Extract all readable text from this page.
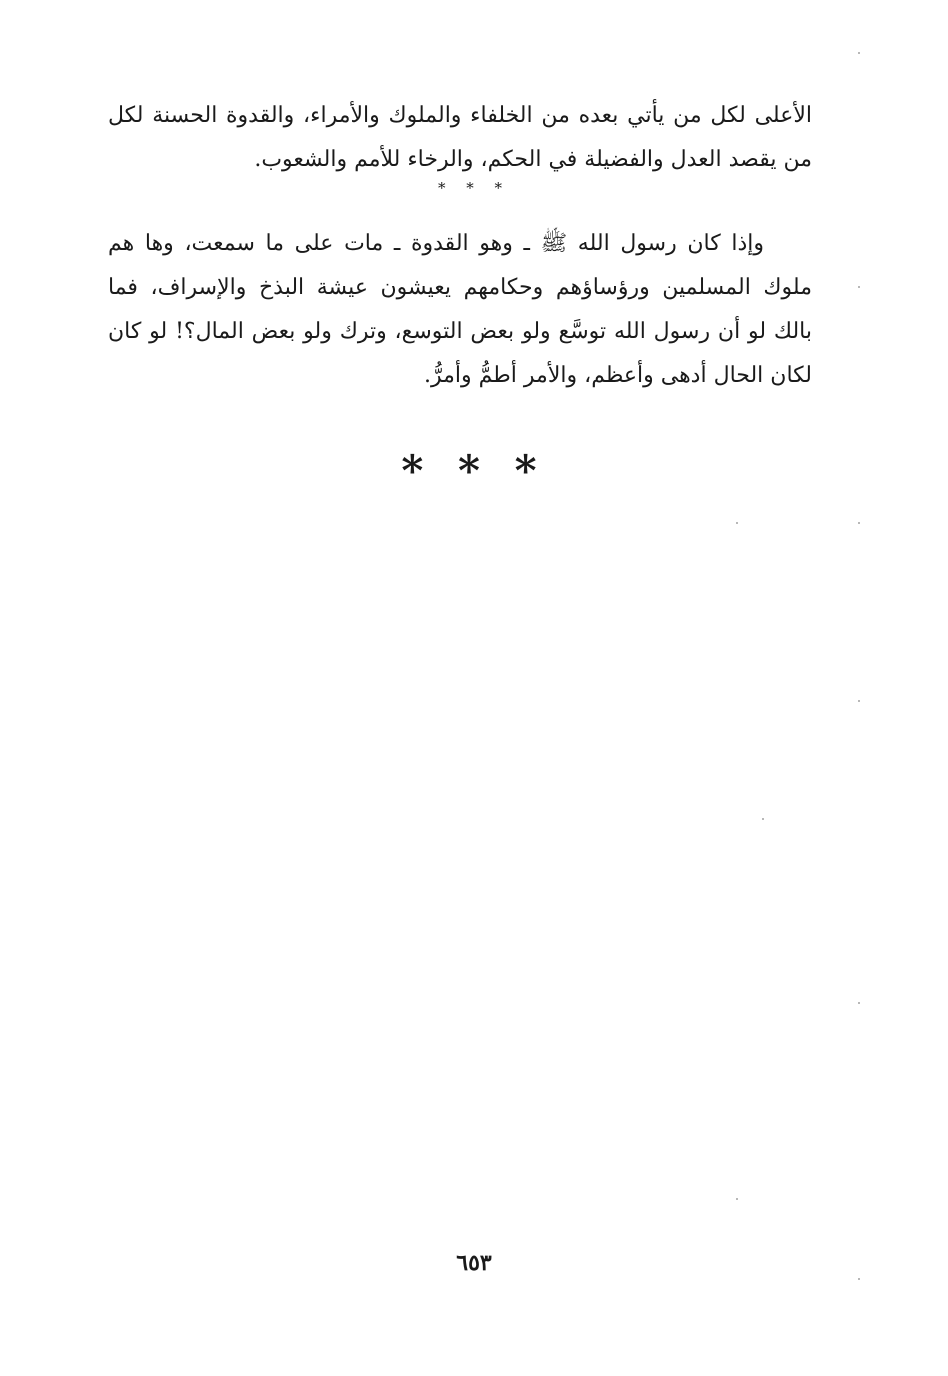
الأعلى لكل من يأتي بعده من الخلفاء والملوك والأمراء، والقدوة الحسنة لكل من يقصد العدل والفضيلة في الحكم، والرخاء للأمم والشعوب.

* * *

وإذا كان رسول الله ﷺ ـ وهو القدوة ـ مات على ما سمعت، وها هم ملوك المسلمين ورؤساؤهم وحكامهم يعيشون عيشة البذخ والإسراف، فما بالك لو أن رسول الله توسَّع ولو بعض التوسع، وترك ولو بعض المال؟! لو كان لكان الحال أدهى وأعظم، والأمر أطمُّ وأمرُّ.

* * *
٦٥٣
